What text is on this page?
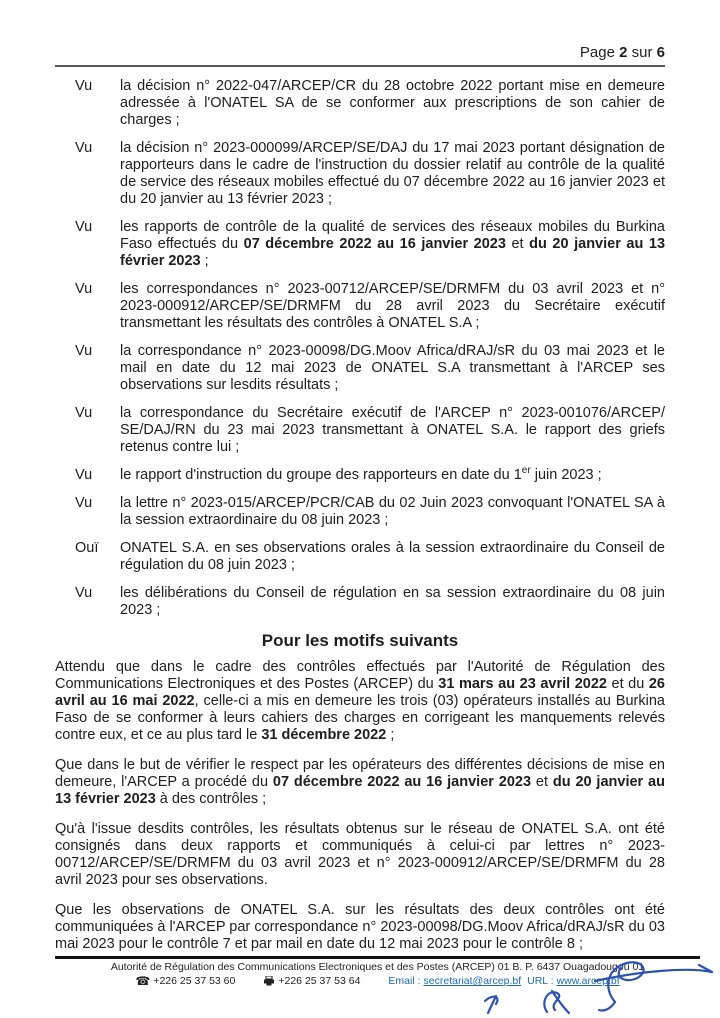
Page 2 sur 6
Vu	la décision n° 2022-047/ARCEP/CR du 28 octobre 2022 portant mise en demeure adressée à l'ONATEL SA de se conformer aux prescriptions de son cahier de charges ;
Vu	la décision n° 2023-000099/ARCEP/SE/DAJ du 17 mai 2023 portant désignation de rapporteurs dans le cadre de l'instruction du dossier relatif au contrôle de la qualité de service des réseaux mobiles effectué du 07 décembre 2022 au 16 janvier 2023 et du 20 janvier au 13 février 2023 ;
Vu	les rapports de contrôle de la qualité de services des réseaux mobiles du Burkina Faso effectués du 07 décembre 2022 au 16 janvier 2023 et du 20 janvier au 13 février 2023 ;
Vu	les correspondances n° 2023-00712/ARCEP/SE/DRMFM du 03 avril 2023 et n° 2023-000912/ARCEP/SE/DRMFM du 28 avril 2023 du Secrétaire exécutif transmettant les résultats des contrôles à ONATEL S.A ;
Vu	la correspondance n° 2023-00098/DG.Moov Africa/dRAJ/sR du 03 mai 2023 et le mail en date du 12 mai 2023 de ONATEL S.A transmettant à l'ARCEP ses observations sur lesdits résultats ;
Vu	la correspondance du Secrétaire exécutif de l'ARCEP n° 2023-001076/ARCEP/ SE/DAJ/RN du 23 mai 2023 transmettant à ONATEL S.A. le rapport des griefs retenus contre lui ;
Vu	le rapport d'instruction du groupe des rapporteurs en date du 1er juin 2023 ;
Vu	la lettre n° 2023-015/ARCEP/PCR/CAB du 02 Juin 2023 convoquant l'ONATEL SA à la session extraordinaire du 08 juin 2023 ;
Ouï	ONATEL S.A. en ses observations orales à la session extraordinaire du Conseil de régulation du 08 juin 2023 ;
Vu	les délibérations du Conseil de régulation en sa session extraordinaire du 08 juin 2023 ;
Pour les motifs suivants
Attendu que dans le cadre des contrôles effectués par l'Autorité de Régulation des Communications Electroniques et des Postes (ARCEP) du 31 mars au 23 avril 2022 et du 26 avril au 16 mai 2022, celle-ci a mis en demeure les trois (03) opérateurs installés au Burkina Faso de se conformer à leurs cahiers des charges en corrigeant les manquements relevés contre eux, et ce au plus tard le 31 décembre 2022 ;
Que dans le but de vérifier le respect par les opérateurs des différentes décisions de mise en demeure, l'ARCEP a procédé du 07 décembre 2022 au 16 janvier 2023 et du 20 janvier au 13 février 2023 à des contrôles ;
Qu'à l'issue desdits contrôles, les résultats obtenus sur le réseau de ONATEL S.A. ont été consignés dans deux rapports et communiqués à celui-ci par lettres n° 2023-00712/ARCEP/SE/DRMFM du 03 avril 2023 et n° 2023-000912/ARCEP/SE/DRMFM du 28 avril 2023 pour ses observations.
Que les observations de ONATEL S.A. sur les résultats des deux contrôles ont été communiquées à l'ARCEP par correspondance n° 2023-00098/DG.Moov Africa/dRAJ/sR du 03 mai 2023 pour le contrôle 7 et par mail en date du 12 mai 2023 pour le contrôle 8 ;
Autorité de Régulation des Communications Electroniques et des Postes (ARCEP) 01 B. P. 6437 Ouagadougou 01
☎ +226 25 37 53 60	+226 25 37 53 64	Email : secretariat@arcep.bf URL : www.arcep.bf
